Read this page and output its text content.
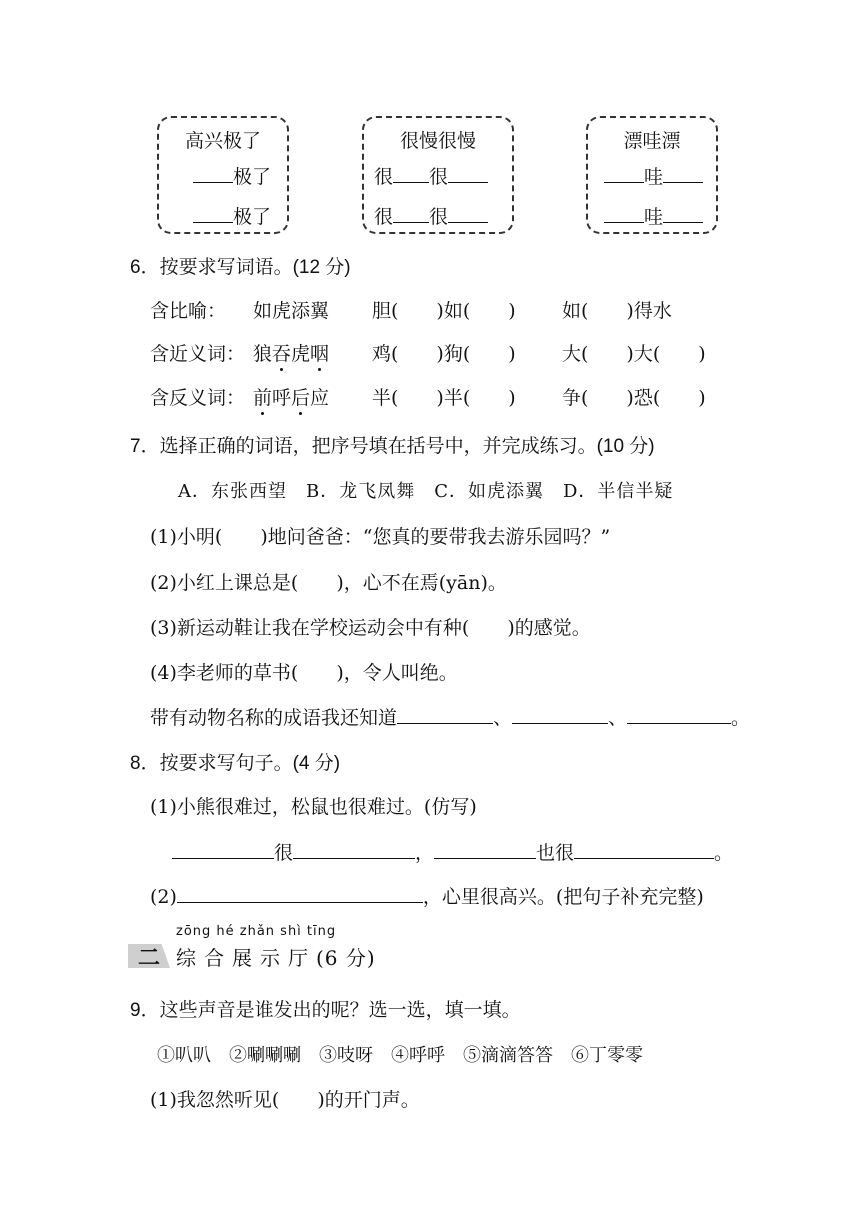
高兴极了
极了
极了
很慢很慢
很 很
很 很
漂哇漂
哇
哇
6．按要求写词语。(12 分)
含比喻： 如虎添翼 胆(　　)如(　　) 如(　　)得水
含近义词： 狼吞虎咽 鸡(　　)狗(　　) 大(　　)大(　　)
含反义词： 前呼后应 半(　　)半(　　) 争(　　)恐(　　)
7．选择正确的词语，把序号填在括号中，并完成练习。(10 分)
A．东张西望　B．龙飞凤舞　C．如虎添翼　D．半信半疑
(1)小明(　　)地问爸爸：“您真的要带我去游乐园吗？”
(2)小红上课总是(　　)，心不在焉(yān)。
(3)新运动鞋让我在学校运动会中有种(　　)的感觉。
(4)李老师的草书(　　)，令人叫绝。
带有动物名称的成语我还知道	、	、	。
8．按要求写句子。(4 分)
(1)小熊很难过，松鼠也很难过。(仿写)
很	，	也很	。
(2)	，心里很高兴。(把句子补充完整)
二
zōng hé zhǎn shì tīng
综合展示厅(6 分)
9．这些声音是谁发出的呢？选一选，填一填。
①叭叭　②唰唰唰　③吱呀　④呼呼　⑤滴滴答答　⑥丁零零
(1)我忽然听见(　　)的开门声。
